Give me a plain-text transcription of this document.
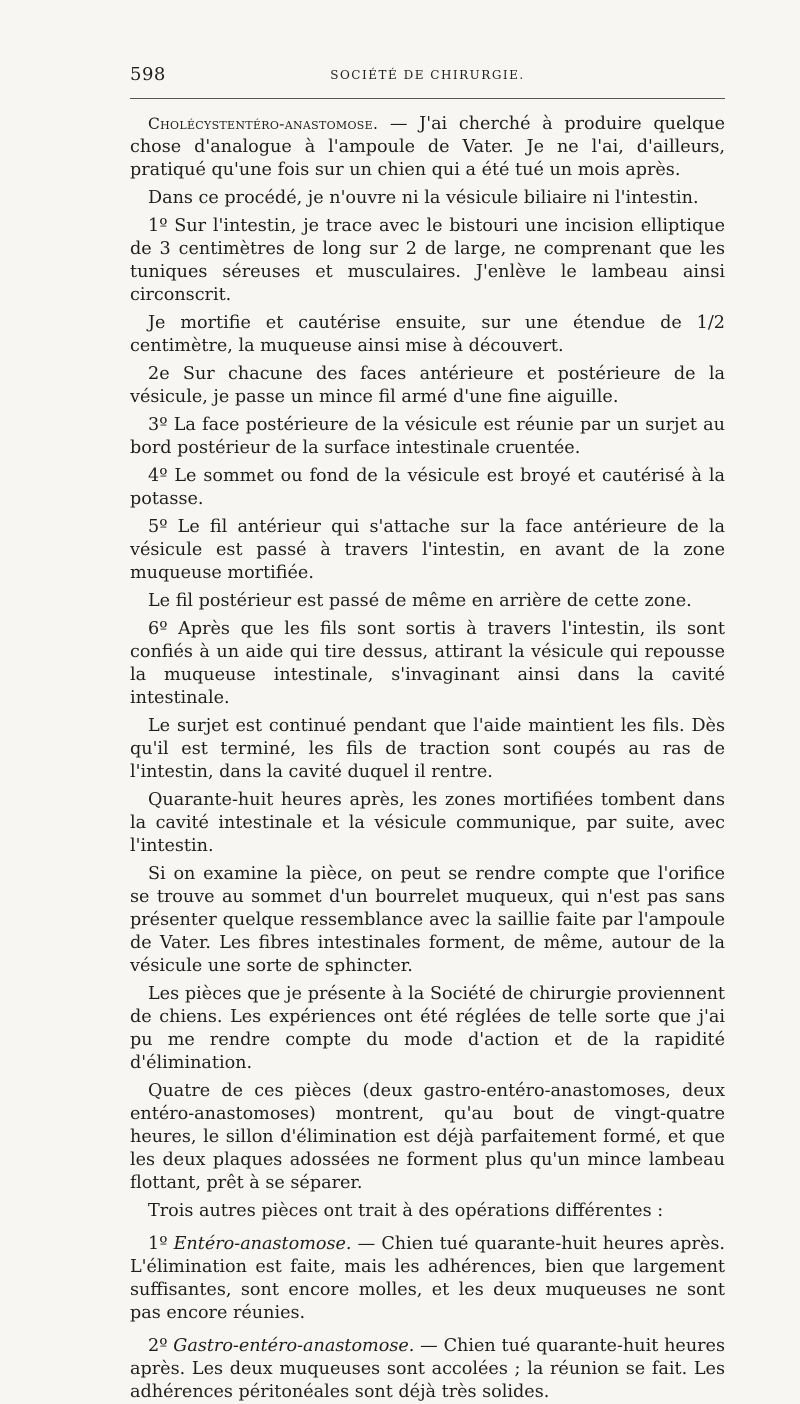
598	SOCIÉTÉ DE CHIRURGIE.

Cholécystentéro-anastomose. — J'ai cherché à produire quelque chose d'analogue à l'ampoule de Vater. Je ne l'ai, d'ailleurs, pratiqué qu'une fois sur un chien qui a été tué un mois après.

Dans ce procédé, je n'ouvre ni la vésicule biliaire ni l'intestin.

1º Sur l'intestin, je trace avec le bistouri une incision elliptique de 3 centimètres de long sur 2 de large, ne comprenant que les tuniques séreuses et musculaires. J'enlève le lambeau ainsi circonscrit.

Je mortifie et cautérise ensuite, sur une étendue de 1/2 centimètre, la muqueuse ainsi mise à découvert.

2e Sur chacune des faces antérieure et postérieure de la vésicule, je passe un mince fil armé d'une fine aiguille.

3º La face postérieure de la vésicule est réunie par un surjet au bord postérieur de la surface intestinale cruentée.

4º Le sommet ou fond de la vésicule est broyé et cautérisé à la potasse.

5º Le fil antérieur qui s'attache sur la face antérieure de la vésicule est passé à travers l'intestin, en avant de la zone muqueuse mortifiée.

Le fil postérieur est passé de même en arrière de cette zone.

6º Après que les fils sont sortis à travers l'intestin, ils sont confiés à un aide qui tire dessus, attirant la vésicule qui repousse la muqueuse intestinale, s'invaginant ainsi dans la cavité intestinale.

Le surjet est continué pendant que l'aide maintient les fils. Dès qu'il est terminé, les fils de traction sont coupés au ras de l'intestin, dans la cavité duquel il rentre.

Quarante-huit heures après, les zones mortifiées tombent dans la cavité intestinale et la vésicule communique, par suite, avec l'intestin.

Si on examine la pièce, on peut se rendre compte que l'orifice se trouve au sommet d'un bourrelet muqueux, qui n'est pas sans présenter quelque ressemblance avec la saillie faite par l'ampoule de Vater. Les fibres intestinales forment, de même, autour de la vésicule une sorte de sphincter.

Les pièces que je présente à la Société de chirurgie proviennent de chiens. Les expériences ont été réglées de telle sorte que j'ai pu me rendre compte du mode d'action et de la rapidité d'élimination.

Quatre de ces pièces (deux gastro-entéro-anastomoses, deux entéro-anastomoses) montrent, qu'au bout de vingt-quatre heures, le sillon d'élimination est déjà parfaitement formé, et que les deux plaques adossées ne forment plus qu'un mince lambeau flottant, prêt à se séparer.

Trois autres pièces ont trait à des opérations différentes :

1º Entéro-anastomose. — Chien tué quarante-huit heures après. L'élimination est faite, mais les adhérences, bien que largement suffisantes, sont encore molles, et les deux muqueuses ne sont pas encore réunies.

2º Gastro-entéro-anastomose. — Chien tué quarante-huit heures après. Les deux muqueuses sont accolées ; la réunion se fait. Les adhérences péritonéales sont déjà très solides.
